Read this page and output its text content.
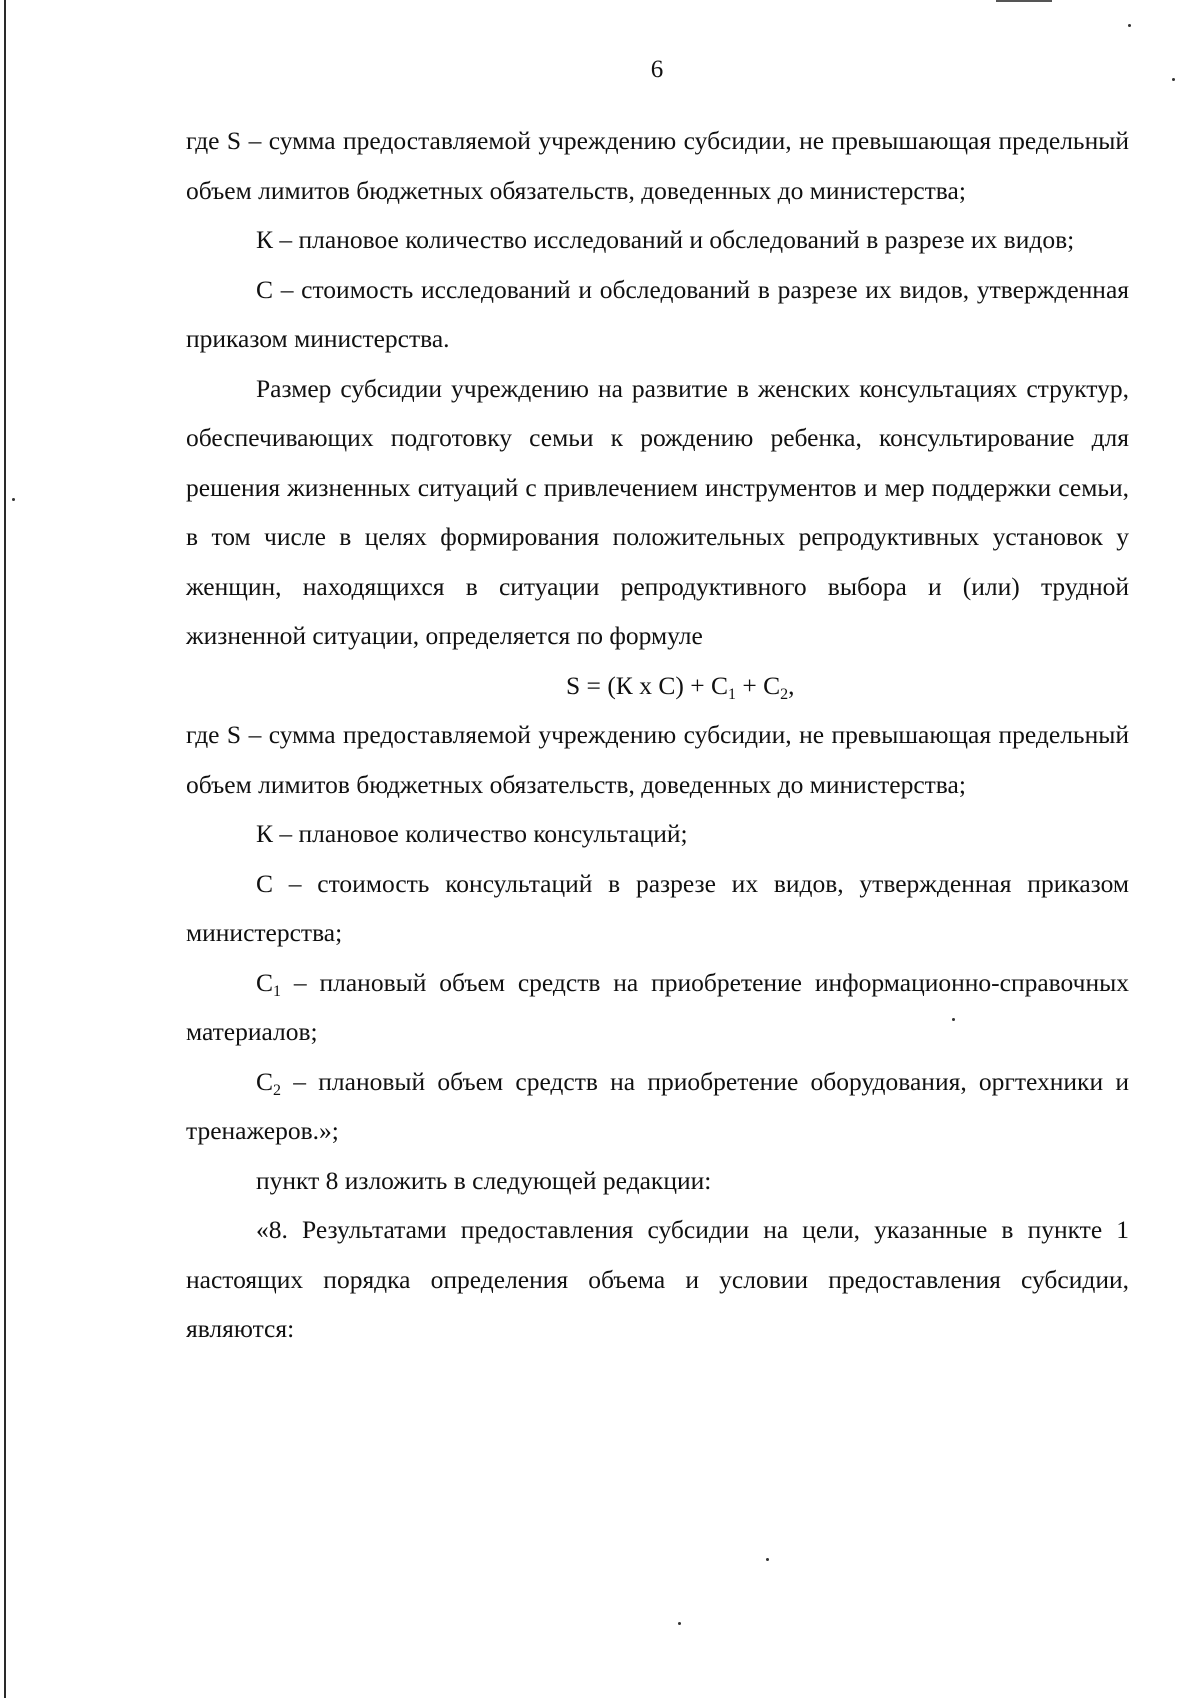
6

где S – сумма предоставляемой учреждению субсидии, не превышающая предельный объем лимитов бюджетных обязательств, доведенных до министерства;

К – плановое количество исследований и обследований в разрезе их видов;

С – стоимость исследований и обследований в разрезе их видов, утвержденная приказом министерства.

Размер субсидии учреждению на развитие в женских консультациях структур, обеспечивающих подготовку семьи к рождению ребенка, консультирование для решения жизненных ситуаций с привлечением инструментов и мер поддержки семьи, в том числе в целях формирования положительных репродуктивных установок у женщин, находящихся в ситуации репродуктивного выбора и (или) трудной жизненной ситуации, определяется по формуле

S = (К х $С) + C_1 + C_2$,

где S – сумма предоставляемой учреждению субсидии, не превышающая предельный объем лимитов бюджетных обязательств, доведенных до министерства;

К – плановое количество консультаций;

С – стоимость консультаций в разрезе их видов, утвержденная приказом министерства;

$С_1$ – плановый объем средств на приобретение информационно-справочных материалов;

$С_2$ – плановый объем средств на приобретение оборудования, оргтехники и тренажеров.»;

пункт 8 изложить в следующей редакции:

«8. Результатами предоставления субсидии на цели, указанные в пункте 1 настоящих порядка определения объема и условии предоставления субсидии, являются:
